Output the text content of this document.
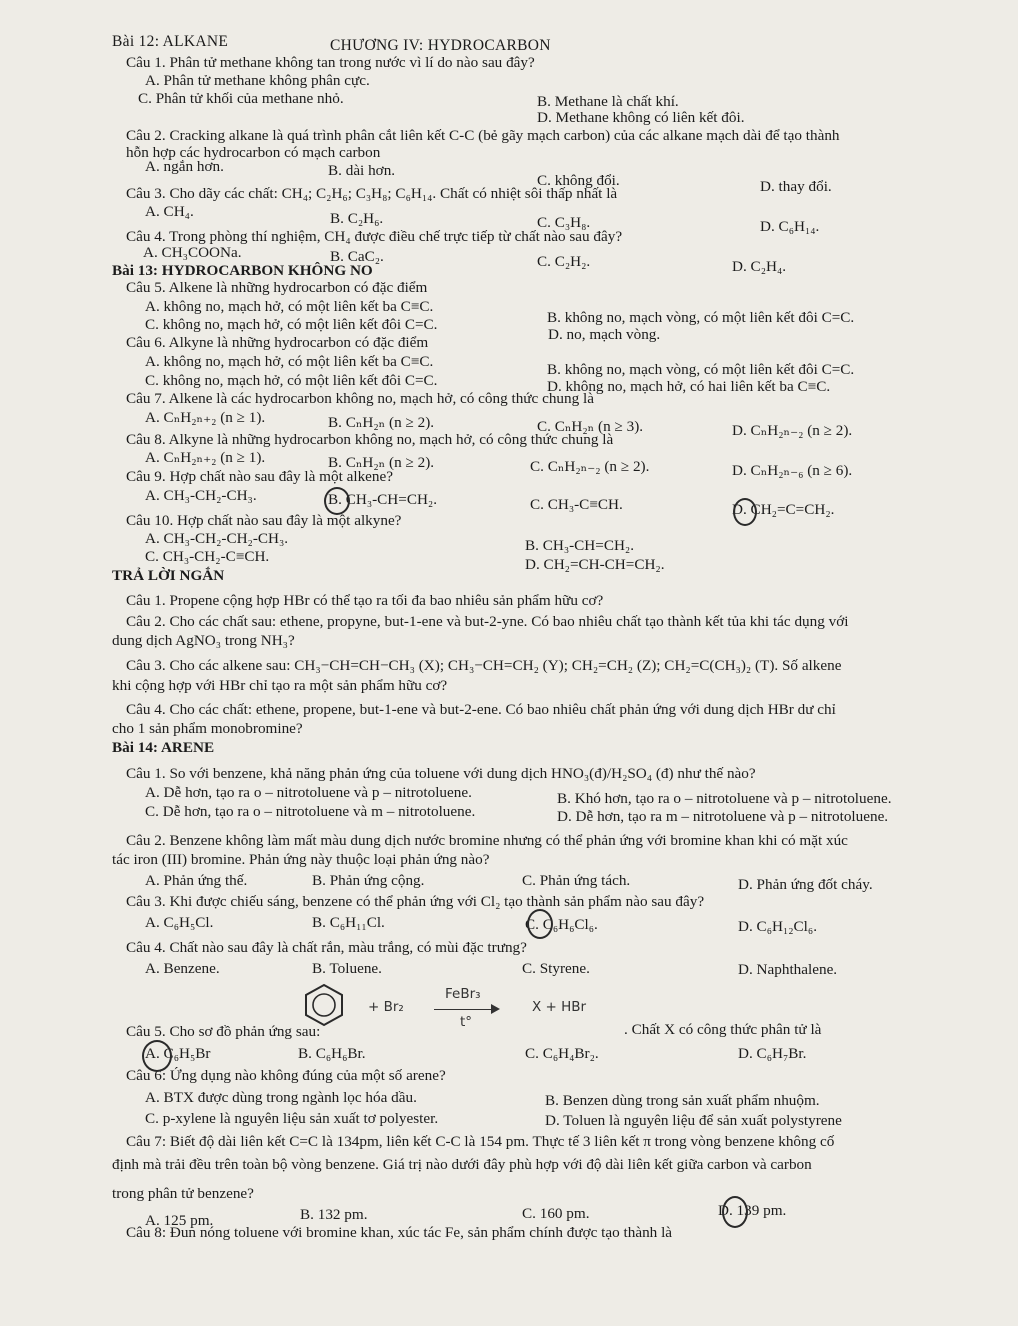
Bài 12: ALKANE	CHƯƠNG IV: HYDROCARBON
Câu 1. Phân tử methane không tan trong nước vì lí do nào sau đây?
A. Phân tử methane không phân cực.
B. Methane là chất khí.
C. Phân tử khối của methane nhỏ.
D. Methane không có liên kết đôi.
Câu 2. Cracking alkane là quá trình phân cắt liên kết C-C (bẻ gãy mạch carbon) của các alkane mạch dài để tạo thành
hỗn hợp các hydrocarbon có mạch carbon
A. ngắn hơn.	B. dài hơn.
C. không đổi.	D. thay đổi.
Câu 3. Cho dãy các chất: CH₄; C₂H₆; C₃H₈; C₆H₁₄. Chất có nhiệt sôi thấp nhất là
A. CH₄.	B. C₂H₆.	C. C₃H₈.	D. C₆H₁₄.
Câu 4. Trong phòng thí nghiệm, CH₄ được điều chế trực tiếp từ chất nào sau đây?
A. CH₃COONa.	B. CaC₂.	C. C₂H₂.	D. C₂H₄.
Bài 13: HYDROCARBON KHÔNG NO
Câu 5. Alkene là những hydrocarbon có đặc điểm
A. không no, mạch hở, có một liên kết ba C≡C.
B. không no, mạch vòng, có một liên kết đôi C=C.
C. không no, mạch hở, có một liên kết đôi C=C.
D. no, mạch vòng.
Câu 6. Alkyne là những hydrocarbon có đặc điểm
A. không no, mạch hở, có một liên kết ba C≡C.	B. không no, mạch vòng, có một liên kết đôi C=C.
C. không no, mạch hở, có một liên kết đôi C=C.	D. không no, mạch hở, có hai liên kết ba C≡C.
Câu 7. Alkene là các hydrocarbon không no, mạch hở, có công thức chung là
A. CₙH₂ₙ₊₂ (n ≥ 1).	B. CₙH₂ₙ (n ≥ 2).	C. CₙH₂ₙ (n ≥ 3).	D. CₙH₂ₙ₋₂ (n ≥ 2).
Câu 8. Alkyne là những hydrocarbon không no, mạch hở, có công thức chung là
A. CₙH₂ₙ₊₂ (n ≥ 1).	B. CₙH₂ₙ (n ≥ 2).	C. CₙH₂ₙ₋₂ (n ≥ 2).	D. CₙH₂ₙ₋₆ (n ≥ 6).
Câu 9. Hợp chất nào sau đây là một alkene?
A. CH₃-CH₂-CH₃.	B. CH₃-CH=CH₂.	C. CH₃-C≡CH.	D. CH₂=C=CH₂.
Câu 10. Hợp chất nào sau đây là một alkyne?
A. CH₃-CH₂-CH₂-CH₃.	B. CH₃-CH=CH₂.
C. CH₃-CH₂-C≡CH.	D. CH₂=CH-CH=CH₂.
TRẢ LỜI NGẮN
Câu 1. Propene cộng hợp HBr có thể tạo ra tối đa bao nhiêu sản phẩm hữu cơ?
Câu 2. Cho các chất sau: ethene, propyne, but-1-ene và but-2-yne. Có bao nhiêu chất tạo thành kết tủa khi tác dụng với
dung dịch AgNO₃ trong NH₃?
Câu 3. Cho các alkene sau: CH₃−CH=CH−CH₃ (X); CH₃−CH=CH₂ (Y); CH₂=CH₂ (Z); CH₂=C(CH₃)₂ (T). Số alkene
khi cộng hợp với HBr chỉ tạo ra một sản phẩm hữu cơ?
Câu 4. Cho các chất: ethene, propene, but-1-ene và but-2-ene. Có bao nhiêu chất phản ứng với dung dịch HBr dư chỉ
cho 1 sản phẩm monobromine?
Bài 14: ARENE
Câu 1. So với benzene, khả năng phản ứng của toluene với dung dịch HNO₃(đ)/H₂SO₄ (đ) như thế nào?
A. Dễ hơn, tạo ra o – nitrotoluene và p – nitrotoluene.	B. Khó hơn, tạo ra o – nitrotoluene và p – nitrotoluene.
C. Dễ hơn, tạo ra o – nitrotoluene và m – nitrotoluene.	D. Dễ hơn, tạo ra m – nitrotoluene và p – nitrotoluene.
Câu 2. Benzene không làm mất màu dung dịch nước bromine nhưng có thể phản ứng với bromine khan khi có mặt xúc
tác iron (III) bromine. Phản ứng này thuộc loại phản ứng nào?
A. Phản ứng thế.	B. Phản ứng cộng.	C. Phản ứng tách.	D. Phản ứng đốt cháy.
Câu 3. Khi được chiếu sáng, benzene có thể phản ứng với Cl₂ tạo thành sản phẩm nào sau đây?
A. C₆H₅Cl.	B. C₆H₁₁Cl.	C. C₆H₆Cl₆.	D. C₆H₁₂Cl₆.
Câu 4. Chất nào sau đây là chất rắn, màu trắng, có mùi đặc trưng?
A. Benzene.	B. Toluene.	C. Styrene.	D. Naphthalene.
+ Br₂
FeBr₃
t°
X + HBr
Câu 5. Cho sơ đồ phản ứng sau:	. Chất X có công thức phân tử là
A. C₆H₅Br	B. C₆H₆Br.	C. C₆H₄Br₂.	D. C₆H₇Br.
Câu 6: Ứng dụng nào không đúng của một số arene?
A. BTX được dùng trong ngành lọc hóa dầu.	B. Benzen dùng trong sản xuất phẩm nhuộm.
C. p-xylene là nguyên liệu sản xuất tơ polyester.	D. Toluen là nguyên liệu để sản xuất polystyrene
Câu 7: Biết độ dài liên kết C=C là 134pm, liên kết C-C là 154 pm. Thực tế 3 liên kết π trong vòng benzene không cố
định mà trải đều trên toàn bộ vòng benzene. Giá trị nào dưới đây phù hợp với độ dài liên kết giữa carbon và carbon
trong phân tử benzene?
A. 125 pm.	B. 132 pm.	C. 160 pm.	D. 139 pm.
Câu 8: Đun nóng toluene với bromine khan, xúc tác Fe, sản phẩm chính được tạo thành là
